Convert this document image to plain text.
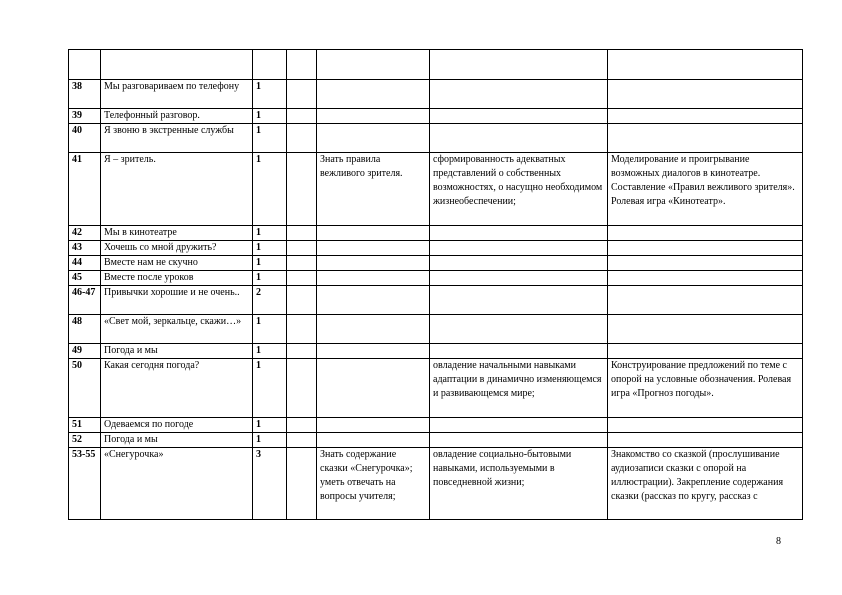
38	Мы разговариваем по телефону	1				
39	Телефонный разговор.	1				
40	Я звоню в экстренные службы	1				
41	Я – зритель.	1		Знать правила вежливого зрителя.	сформированность адекватных представлений о собственных возможностях, о насущно необходимом жизнеобеспечении;	Моделирование и проигрывание возможных диалогов в кинотеатре. Составление «Правил вежливого зрителя». Ролевая игра «Кинотеатр».
42	Мы в кинотеатре	1				
43	Хочешь со мной дружить?	1				
44	Вместе нам не скучно	1				
45	Вместе после уроков	1				
46-47	Привычки хорошие и не очень..	2				
48	«Свет мой, зеркальце, скажи…»	1				
49	Погода и мы	1				
50	Какая сегодня погода?	1			овладение начальными навыками адаптации в динамично изменяющемся и развивающемся мире;	Конструирование предложений по теме с опорой на условные обозначения. Ролевая игра «Прогноз погоды».
51	Одеваемся по погоде	1				
52	Погода и мы	1				
53-55	«Снегурочка»	3		Знать содержание сказки «Снегурочка»; уметь отвечать на вопросы учителя;	овладение социально-бытовыми навыками, используемыми в повседневной жизни;	Знакомство со сказкой (прослушивание аудиозаписи сказки с опорой на иллюстрации). Закрепление содержания сказки (рассказ по кругу, рассказ с
8
